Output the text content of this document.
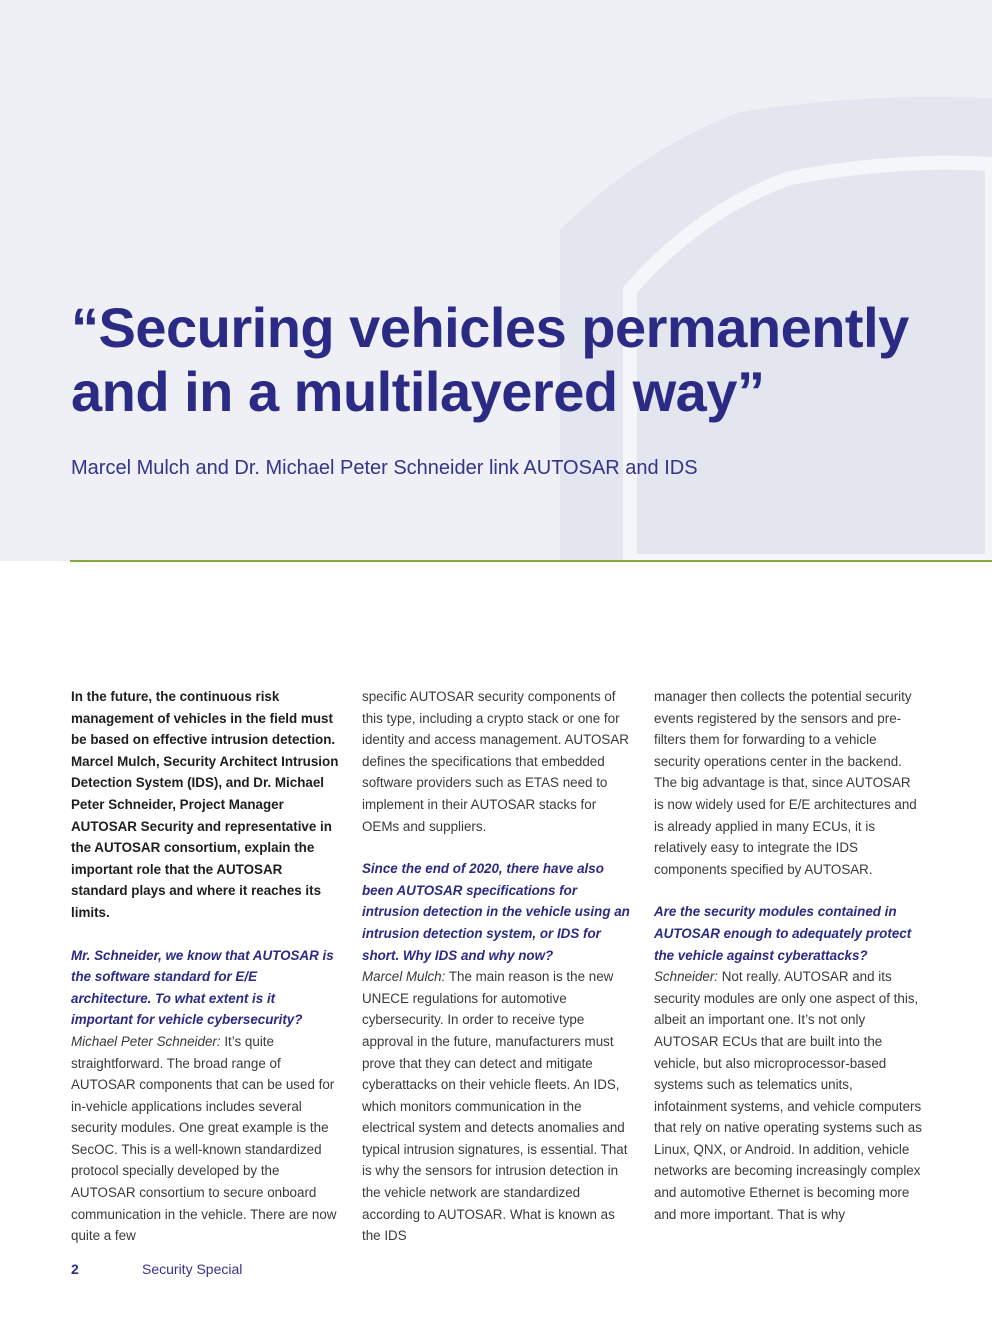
“Securing vehicles permanently
and in a multilayered way”
Marcel Mulch and Dr. Michael Peter Schneider link AUTOSAR and IDS

In the future, the continuous risk management of vehicles in the field must be based on effective intrusion detection. Marcel Mulch, Security Architect Intrusion Detection System (IDS), and Dr. Michael Peter Schneider, Project Manager AUTOSAR Security and representative in the AUTOSAR consortium, explain the important role that the AUTOSAR standard plays and where it reaches its limits.

Mr. Schneider, we know that AUTOSAR is the software standard for E/E architecture. To what extent is it important for vehicle cybersecurity?

Michael Peter Schneider: It’s quite straightforward. The broad range of AUTOSAR components that can be used for in-vehicle applications includes several security modules. One great example is the SecOC. This is a well-known standardized protocol specially developed by the AUTOSAR consortium to secure onboard communication in the vehicle. There are now quite a few

specific AUTOSAR security components of this type, including a crypto stack or one for identity and access management. AUTOSAR defines the specifications that embedded software providers such as ETAS need to implement in their AUTOSAR stacks for OEMs and suppliers.

Since the end of 2020, there have also been AUTOSAR specifications for intrusion detection in the vehicle using an intrusion detection system, or IDS for short. Why IDS and why now?

Marcel Mulch: The main reason is the new UNECE regulations for automotive cybersecurity. In order to receive type approval in the future, manufacturers must prove that they can detect and mitigate cyberattacks on their vehicle fleets. An IDS, which monitors communication in the electrical system and detects anomalies and typical intrusion signatures, is essential. That is why the sensors for intrusion detection in the vehicle network are standardized according to AUTOSAR. What is known as the IDS

manager then collects the potential security events registered by the sensors and pre-filters them for forwarding to a vehicle security operations center in the backend. The big advantage is that, since AUTOSAR is now widely used for E/E architectures and is already applied in many ECUs, it is relatively easy to integrate the IDS components specified by AUTOSAR.

Are the security modules contained in AUTOSAR enough to adequately protect the vehicle against cyberattacks?

Schneider: Not really. AUTOSAR and its security modules are only one aspect of this, albeit an important one. It’s not only AUTOSAR ECUs that are built into the vehicle, but also microprocessor-based systems such as telematics units, infotainment systems, and vehicle computers that rely on native operating systems such as Linux, QNX, or Android. In addition, vehicle networks are becoming increasingly complex and automotive Ethernet is becoming more and more important. That is why

2	Security Special
